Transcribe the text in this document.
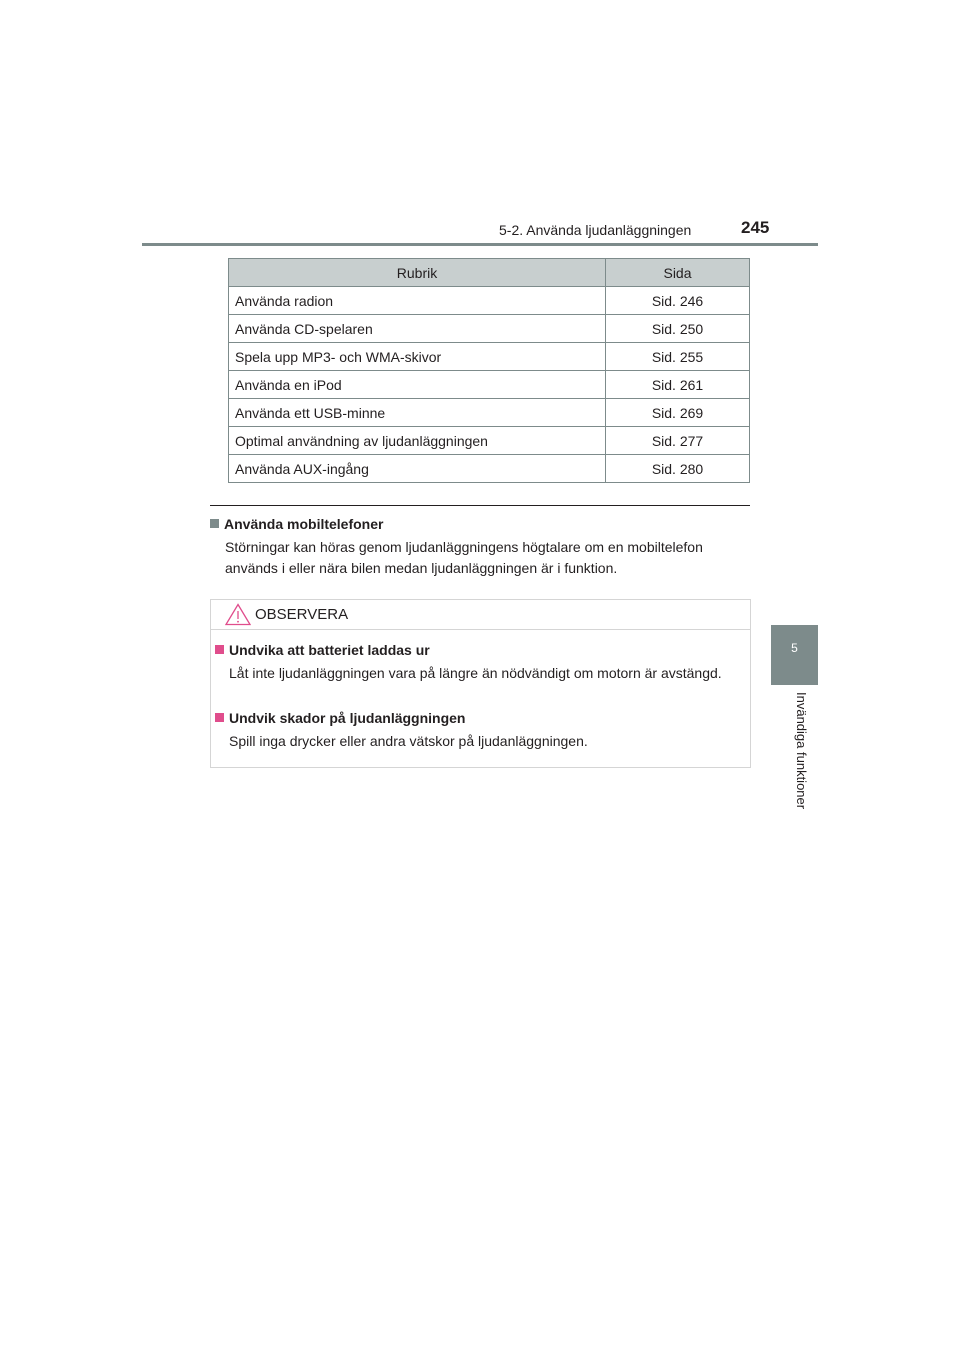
5-2. Använda ljudanläggningen	245
5
Invändiga funktioner
Rubrik	Sida
Använda radion	Sid. 246
Använda CD-spelaren	Sid. 250
Spela upp MP3- och WMA-skivor	Sid. 255
Använda en iPod	Sid. 261
Använda ett USB-minne	Sid. 269
Optimal användning av ljudanläggningen	Sid. 277
Använda AUX-ingång	Sid. 280
Använda mobiltelefoner
Störningar kan höras genom ljudanläggningens högtalare om en mobiltelefon används i eller nära bilen medan ljudanläggningen är i funktion.
OBSERVERA
Undvika att batteriet laddas ur
Låt inte ljudanläggningen vara på längre än nödvändigt om motorn är avstängd.
Undvik skador på ljudanläggningen
Spill inga drycker eller andra vätskor på ljudanläggningen.
